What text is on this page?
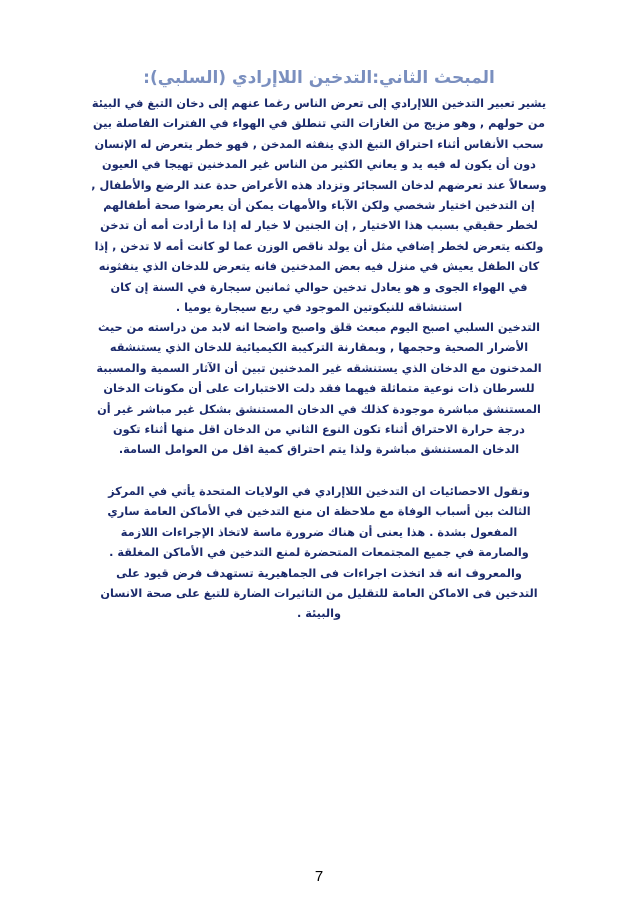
المبحث الثاني:التدخين اللاإرادي (السلبي):

يشير تعبير التدخين اللاإرادي إلى تعرض الناس رغما عنهم إلى دخان التبغ في البيئة من حولهم , وهو مزيج من الغازات التي تنطلق في الهواء في الفترات الفاصلة بين سحب الأنفاس أثناء احتراق التبغ الذي ينفثه المدخن , فهو خطر يتعرض له الإنسان دون أن يكون له فيه يد و يعاني الكثير من الناس غير المدخنين تهيجا في العيون وسعالاً عند تعرضهم لدخان السجائر وتزداد هذه الأعراض حدة عند الرضع والأطفال , إن التدخين اختيار شخصي ولكن الآباء والأمهات يمكن أن يعرضوا صحة أطفالهم لخطر حقيقي بسبب هذا الاختيار , إن الجنين لا خيار له إذا ما أرادت أمه أن تدخن ولكنه يتعرض لخطر إضافي مثل أن يولد ناقص الوزن عما لو كانت أمه لا تدخن , إذا كان الطفل يعيش في منزل فيه بعض المدخنين فانه يتعرض للدخان الذي ينفثونه في الهواء الجوى و هو يعادل تدخين حوالي ثمانين سيجارة في السنة إن كان استنشاقه للنيكوتين الموجود في ربع سيجارة يوميا .

التدخين السلبي اصبح اليوم مبعث قلق واصبح واضحا انه لابد من دراسته من حيث الأضرار الصحية وحجمها , وبمقارنة التركيبة الكيميائية للدخان الذي يستنشقه المدخنون مع الدخان الذي يستنشقه غير المدخنين تبين أن الآثار السمية والمسببة للسرطان ذات نوعية متماثلة فيهما فقد دلت الاختبارات على أن مكونات الدخان المستنشق مباشرة موجودة كذلك في الدخان المستنشق بشكل غير مباشر غير أن درجة حرارة الاحتراق أثناء تكون النوع الثاني من الدخان اقل منها أثناء تكون الدخان المستنشق مباشرة ولذا يتم احتراق كمية اقل من العوامل السامة.

وتقول الاحصائيات ان التدخين اللاإرادي في الولايات المتحدة يأتي في المركز الثالث بين أسباب الوفاة مع ملاحظة ان منع التدخين في الأماكن العامة ساري المفعول بشدة . هذا يعنى أن هناك ضرورة ماسة لاتخاذ الإجراءات اللازمة والصارمة في جميع المجتمعات المتحضرة لمنع التدخين في الأماكن المغلقة . والمعروف انه قد اتخذت اجراءات فى الجماهيرية تستهدف فرض قيود على التدخين فى الاماكن العامة للتقليل من التاثيرات الضارة للتبغ على صحة الانسان والبيئة .

7
